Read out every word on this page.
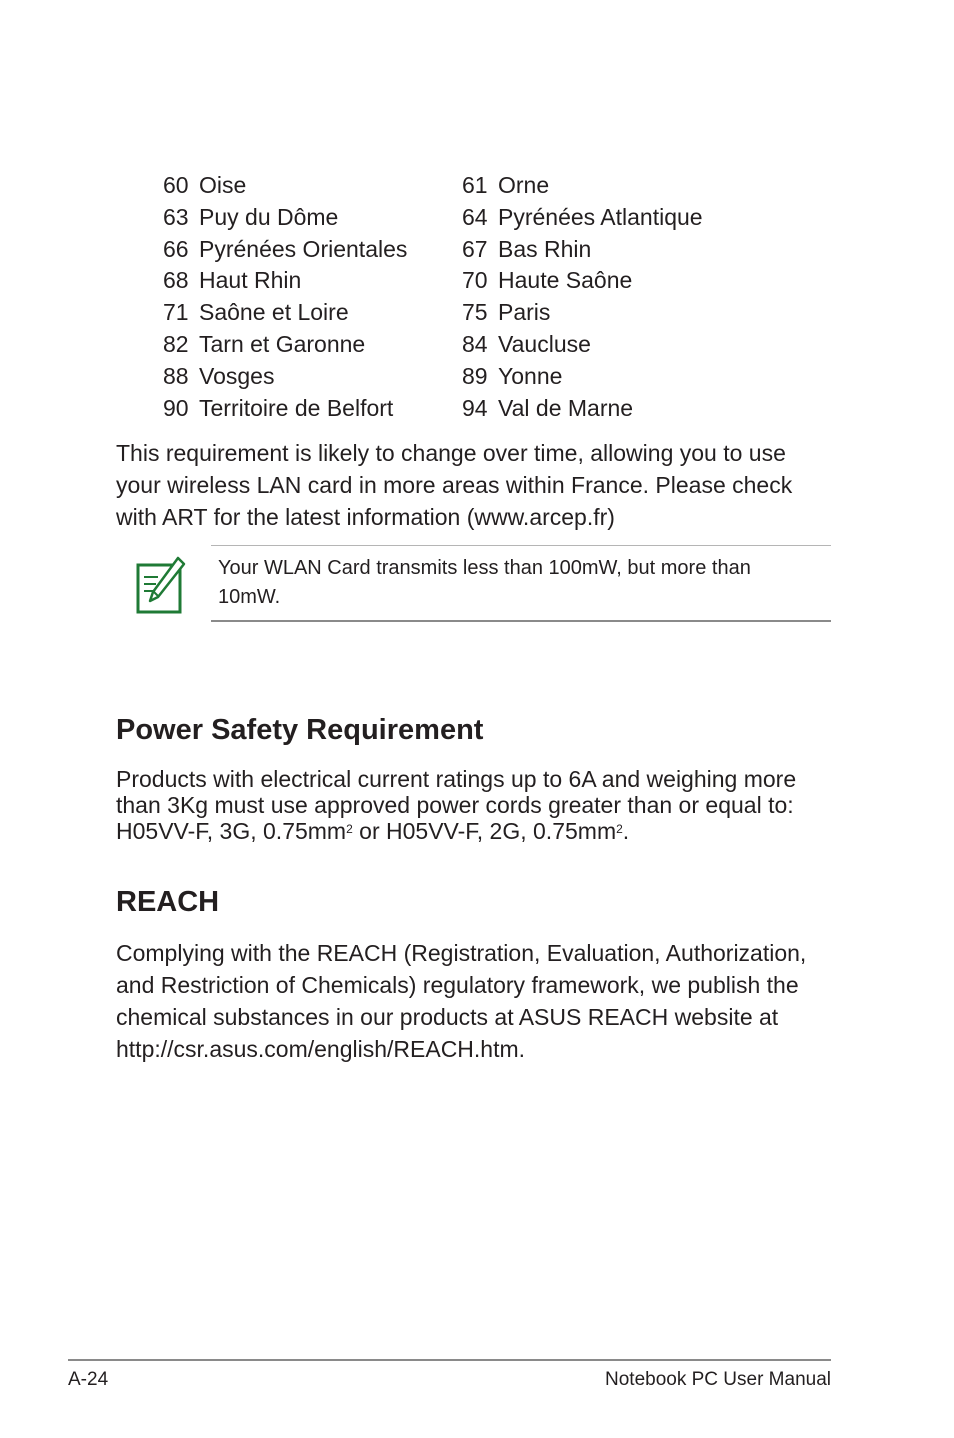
60 Oise	61 Orne
63 Puy du Dôme	64 Pyrénées Atlantique
66 Pyrénées Orientales	67 Bas Rhin
68 Haut Rhin	70 Haute Saône
71 Saône et Loire	75 Paris
82 Tarn et Garonne	84 Vaucluse
88 Vosges	89 Yonne
90 Territoire de Belfort	94 Val de Marne

This requirement is likely to change over time, allowing you to use your wireless LAN card in more areas within France. Please check with ART for the latest information (www.arcep.fr)

Your WLAN Card transmits less than 100mW, but more than 10mW.

Power Safety Requirement

Products with electrical current ratings up to 6A and weighing more than 3Kg must use approved power cords greater than or equal to: H05VV-F, 3G, $0.75mm^2$ or H05VV-F, 2G, $0.75mm^2$.

REACH

Complying with the REACH (Registration, Evaluation, Authorization, and Restriction of Chemicals) regulatory framework, we publish the chemical substances in our products at ASUS REACH website at http://csr.asus.com/english/REACH.htm.

A-24	Notebook PC User Manual
